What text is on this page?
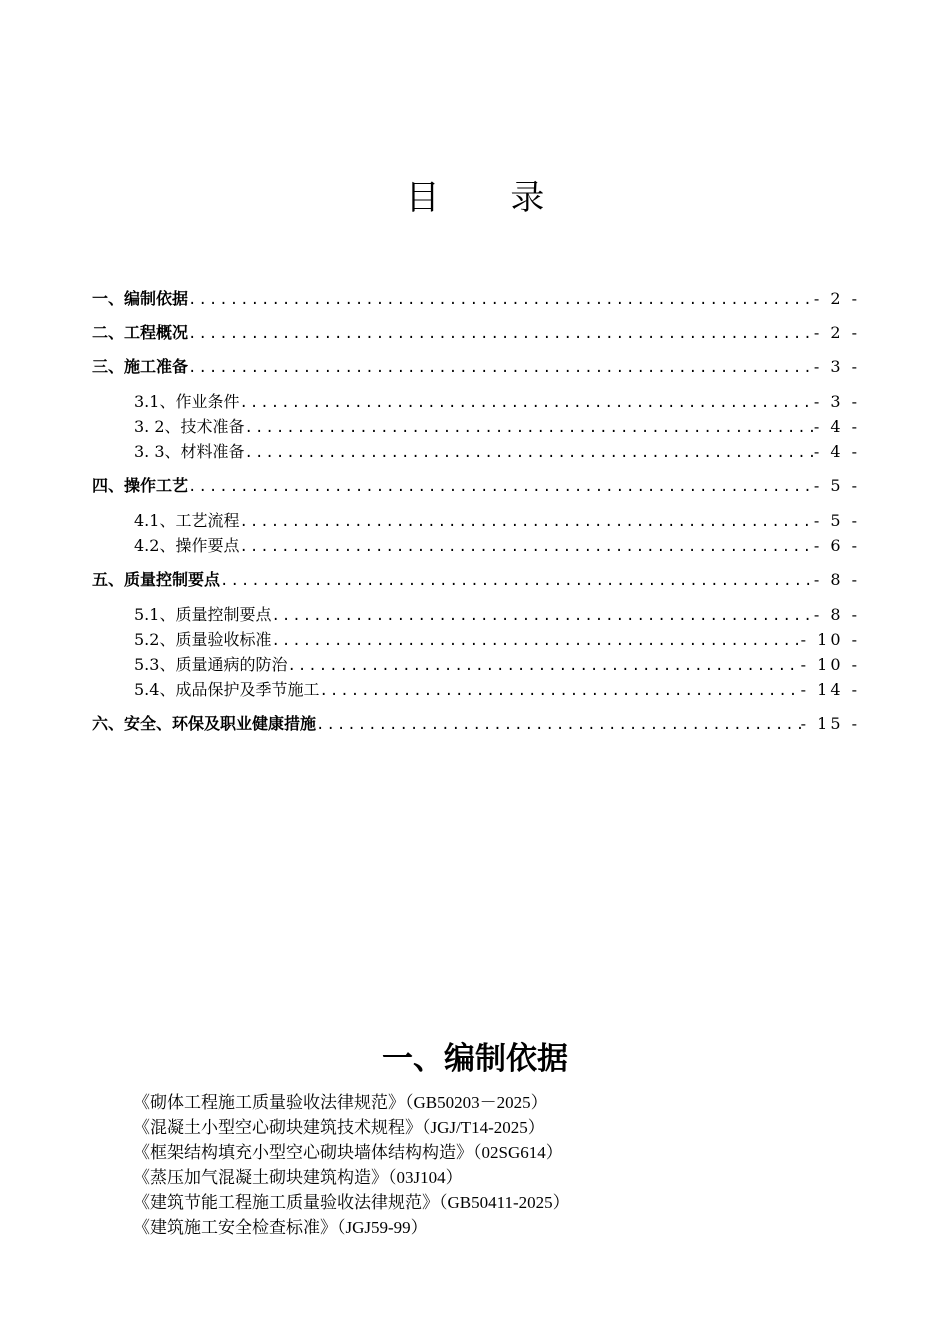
目 录
一、编制依据 .....	- 2 -
二、工程概况 .....	- 2 -
三、施工准备 .....	- 3 -
3.1、作业条件 .....	- 3 -
3. 2、技术准备 .....	- 4 -
3. 3、材料准备 .....	- 4 -
四、操作工艺 .....	- 5 -
4.1、工艺流程 .....	- 5 -
4.2、操作要点 .....	- 6 -
五、质量控制要点 .....	- 8 -
5.1、质量控制要点 .....	- 8 -
5.2、质量验收标准 .....	- 10 -
5.3、质量通病的防治 .....	- 10 -
5.4、成品保护及季节施工 .....	- 14 -
六、安全、环保及职业健康措施 .....	- 15 -
一、编制依据
《砌体工程施工质量验收法律规范》（GB50203－2025）
《混凝土小型空心砌块建筑技术规程》（JGJ/T14-2025）
《框架结构填充小型空心砌块墙体结构构造》（02SG614）
《蒸压加气混凝土砌块建筑构造》（03J104）
《建筑节能工程施工质量验收法律规范》（GB50411-2025）
《建筑施工安全检查标准》（JGJ59-99）
